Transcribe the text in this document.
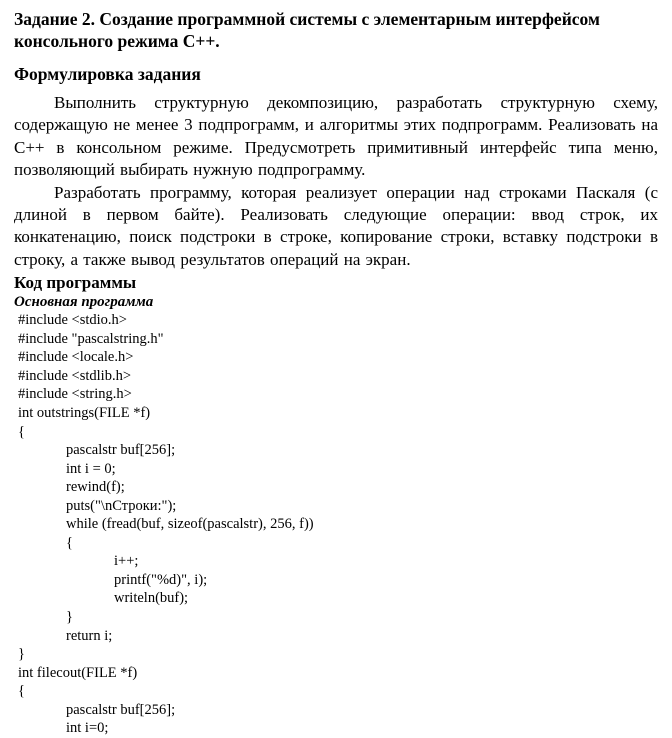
Задание 2. Создание программной системы с элементарным интерфейсом консольного режима C++.
Формулировка задания

Выполнить структурную декомпозицию, разработать структурную схему, содержащую не менее 3 подпрограмм, и алгоритмы этих подпрограмм. Реализовать на C++ в консольном режиме. Предусмотреть примитивный интерфейс типа меню, позволяющий выбирать нужную подпрограмму.

Разработать программу, которая реализует операции над строками Паскаля (с длиной в первом байте). Реализовать следующие операции: ввод строк, их конкатенацию, поиск подстроки в строке, копирование строки, вставку подстроки в строку, а также вывод результатов операций на экран.

Код программы
Основная программа
#include <stdio.h>
#include "pascalstring.h"
#include <locale.h>
#include <stdlib.h>
#include <string.h>
int outstrings(FILE *f)
{
pascalstr buf[256];
int i = 0;
rewind(f);
puts("\nСтроки:");
while (fread(buf, sizeof(pascalstr), 256, f))
{
i++;
printf("%d)", i);
writeln(buf);
}
return i;
}
int filecout(FILE *f)
{
pascalstr buf[256];
int i=0;
